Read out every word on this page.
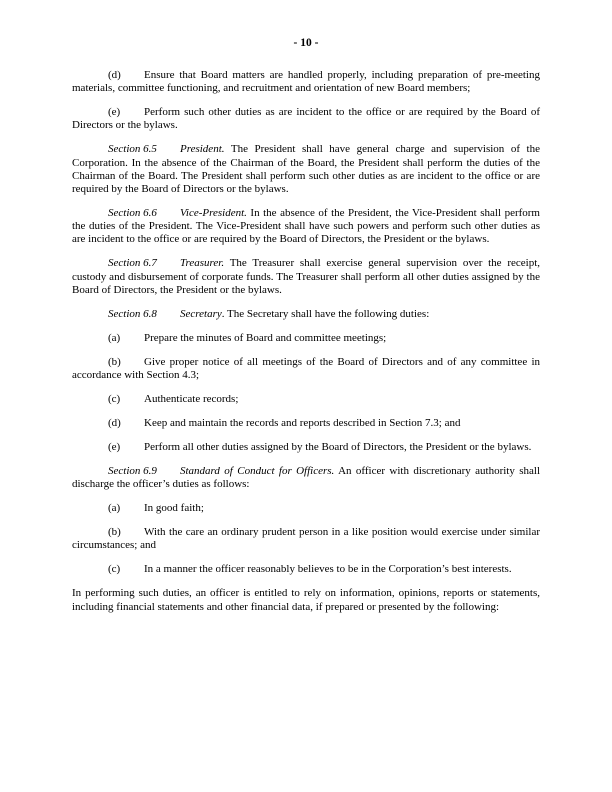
- 10 -

(d) Ensure that Board matters are handled properly, including preparation of pre-meeting materials, committee functioning, and recruitment and orientation of new Board members;

(e) Perform such other duties as are incident to the office or are required by the Board of Directors or the bylaws.

Section 6.5 President. The President shall have general charge and supervision of the Corporation. In the absence of the Chairman of the Board, the President shall perform the duties of the Chairman of the Board. The President shall perform such other duties as are incident to the office or are required by the Board of Directors or the bylaws.

Section 6.6 Vice-President. In the absence of the President, the Vice-President shall perform the duties of the President. The Vice-President shall have such powers and perform such other duties as are incident to the office or are required by the Board of Directors, the President or the bylaws.

Section 6.7 Treasurer. The Treasurer shall exercise general supervision over the receipt, custody and disbursement of corporate funds. The Treasurer shall perform all other duties assigned by the Board of Directors, the President or the bylaws.

Section 6.8 Secretary. The Secretary shall have the following duties:

(a) Prepare the minutes of Board and committee meetings;

(b) Give proper notice of all meetings of the Board of Directors and of any committee in accordance with Section 4.3;

(c) Authenticate records;

(d) Keep and maintain the records and reports described in Section 7.3; and

(e) Perform all other duties assigned by the Board of Directors, the President or the bylaws.

Section 6.9 Standard of Conduct for Officers. An officer with discretionary authority shall discharge the officer’s duties as follows:

(a) In good faith;

(b) With the care an ordinary prudent person in a like position would exercise under similar circumstances; and

(c) In a manner the officer reasonably believes to be in the Corporation’s best interests.

In performing such duties, an officer is entitled to rely on information, opinions, reports or statements, including financial statements and other financial data, if prepared or presented by the following:
